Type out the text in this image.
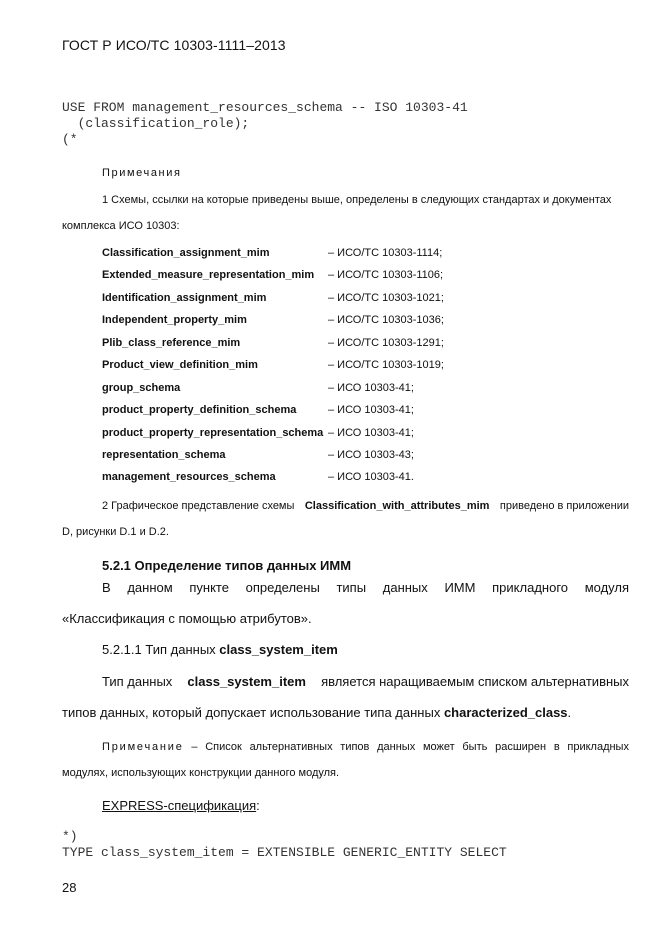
ГОСТ Р ИСО/ТС 10303-1111–2013
USE FROM management_resources_schema -- ISO 10303-41
(classification_role);
(*
Примечания
1 Схемы, ссылки на которые приведены выше, определены в следующих стандартах и документах
комплекса ИСО 10303:
Classification_assignment_mim	– ИСО/ТС 10303-1114;
Extended_measure_representation_mim – ИСО/ТС 10303-1106;
Identification_assignment_mim	– ИСО/ТС 10303-1021;
Independent_property_mim	– ИСО/ТС 10303-1036;
Plib_class_reference_mim	– ИСО/ТС 10303-1291;
Product_view_definition_mim	– ИСО/ТС 10303-1019;
group_schema	– ИСО 10303-41;
product_property_definition_schema	– ИСО 10303-41;
product_property_representation_schema – ИСО 10303-41;
representation_schema	– ИСО 10303-43;
management_resources_schema	– ИСО 10303-41.
2 Графическое представление схемы Classification_with_attributes_mim приведено в приложении
D, рисунки D.1 и D.2.
5.2.1 Определение типов данных ИММ
В данном пункте определены типы данных ИММ прикладного модуля
«Классификация с помощью атрибутов».
5.2.1.1 Тип данных class_system_item
Тип данных class_system_item является наращиваемым списком альтернативных
типов данных, который допускает использование типа данных characterized_class.
Примечание – Список альтернативных типов данных может быть расширен в прикладных
модулях, использующих конструкции данного модуля.
EXPRESS-спецификация:
*)
TYPE class_system_item = EXTENSIBLE GENERIC_ENTITY SELECT
28
